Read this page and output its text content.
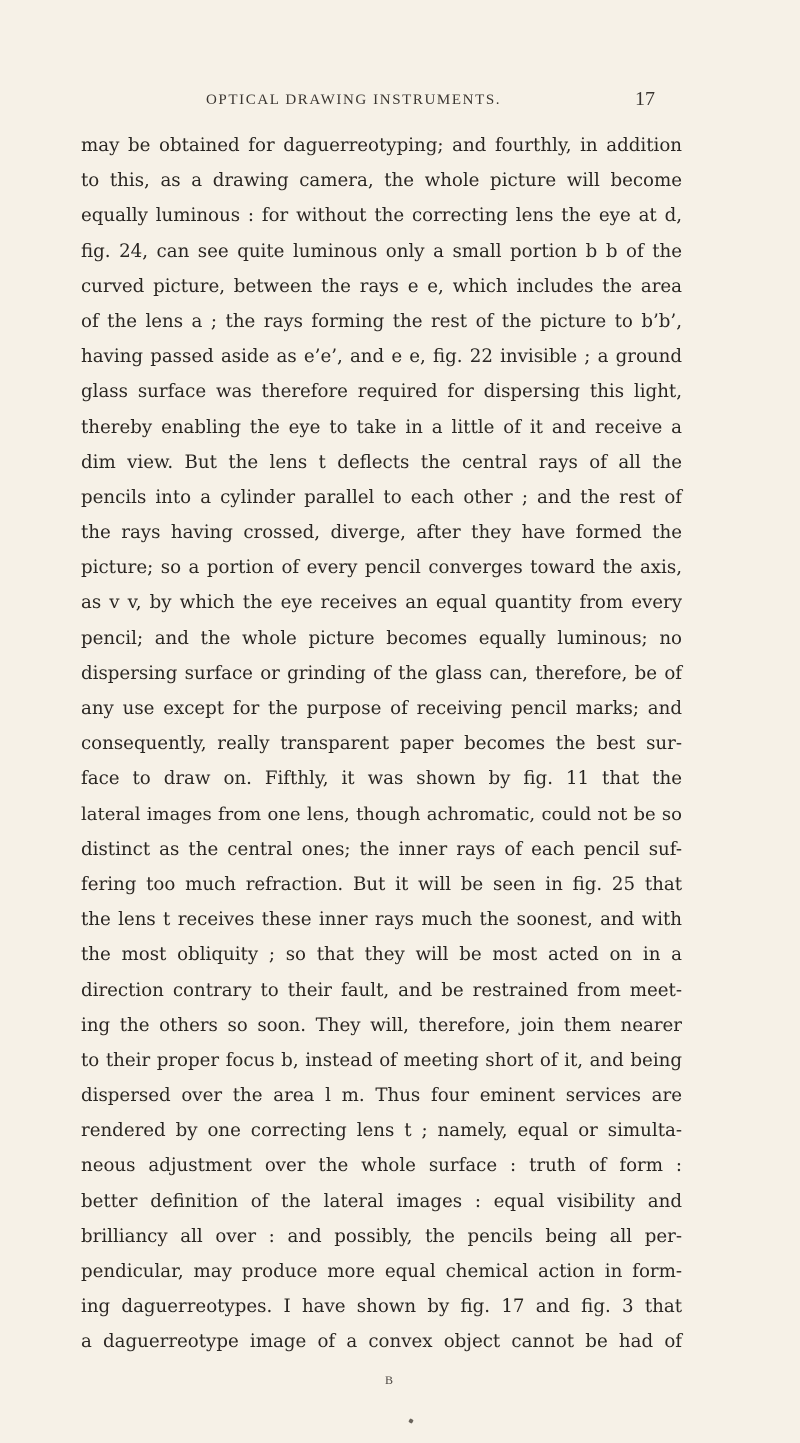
OPTICAL DRAWING INSTRUMENTS.	17
may be obtained for daguerreotyping; and fourthly, in addition
to this, as a drawing camera, the whole picture will become
equally luminous : for without the correcting lens the eye at d,
fig. 24, can see quite luminous only a small portion b b of the
curved picture, between the rays e e, which includes the area
of the lens a ; the rays forming the rest of the picture to b’b’,
having passed aside as e’e’, and e e, fig. 22 invisible ; a ground
glass surface was therefore required for dispersing this light,
thereby enabling the eye to take in a little of it and receive a
dim view. But the lens t deflects the central rays of all the
pencils into a cylinder parallel to each other ; and the rest of
the rays having crossed, diverge, after they have formed the
picture; so a portion of every pencil converges toward the axis,
as v v, by which the eye receives an equal quantity from every
pencil; and the whole picture becomes equally luminous; no
dispersing surface or grinding of the glass can, therefore, be of
any use except for the purpose of receiving pencil marks; and
consequently, really transparent paper becomes the best sur-
face to draw on. Fifthly, it was shown by fig. 11 that the
lateral images from one lens, though achromatic, could not be so
distinct as the central ones; the inner rays of each pencil suf-
fering too much refraction. But it will be seen in fig. 25 that
the lens t receives these inner rays much the soonest, and with
the most obliquity ; so that they will be most acted on in a
direction contrary to their fault, and be restrained from meet-
ing the others so soon. They will, therefore, join them nearer
to their proper focus b, instead of meeting short of it, and being
dispersed over the area l m. Thus four eminent services are
rendered by one correcting lens t ; namely, equal or simulta-
neous adjustment over the whole surface : truth of form :
better definition of the lateral images : equal visibility and
brilliancy all over : and possibly, the pencils being all per-
pendicular, may produce more equal chemical action in form-
ing daguerreotypes. I have shown by fig. 17 and fig. 3 that
a daguerreotype image of a convex object cannot be had of
B
